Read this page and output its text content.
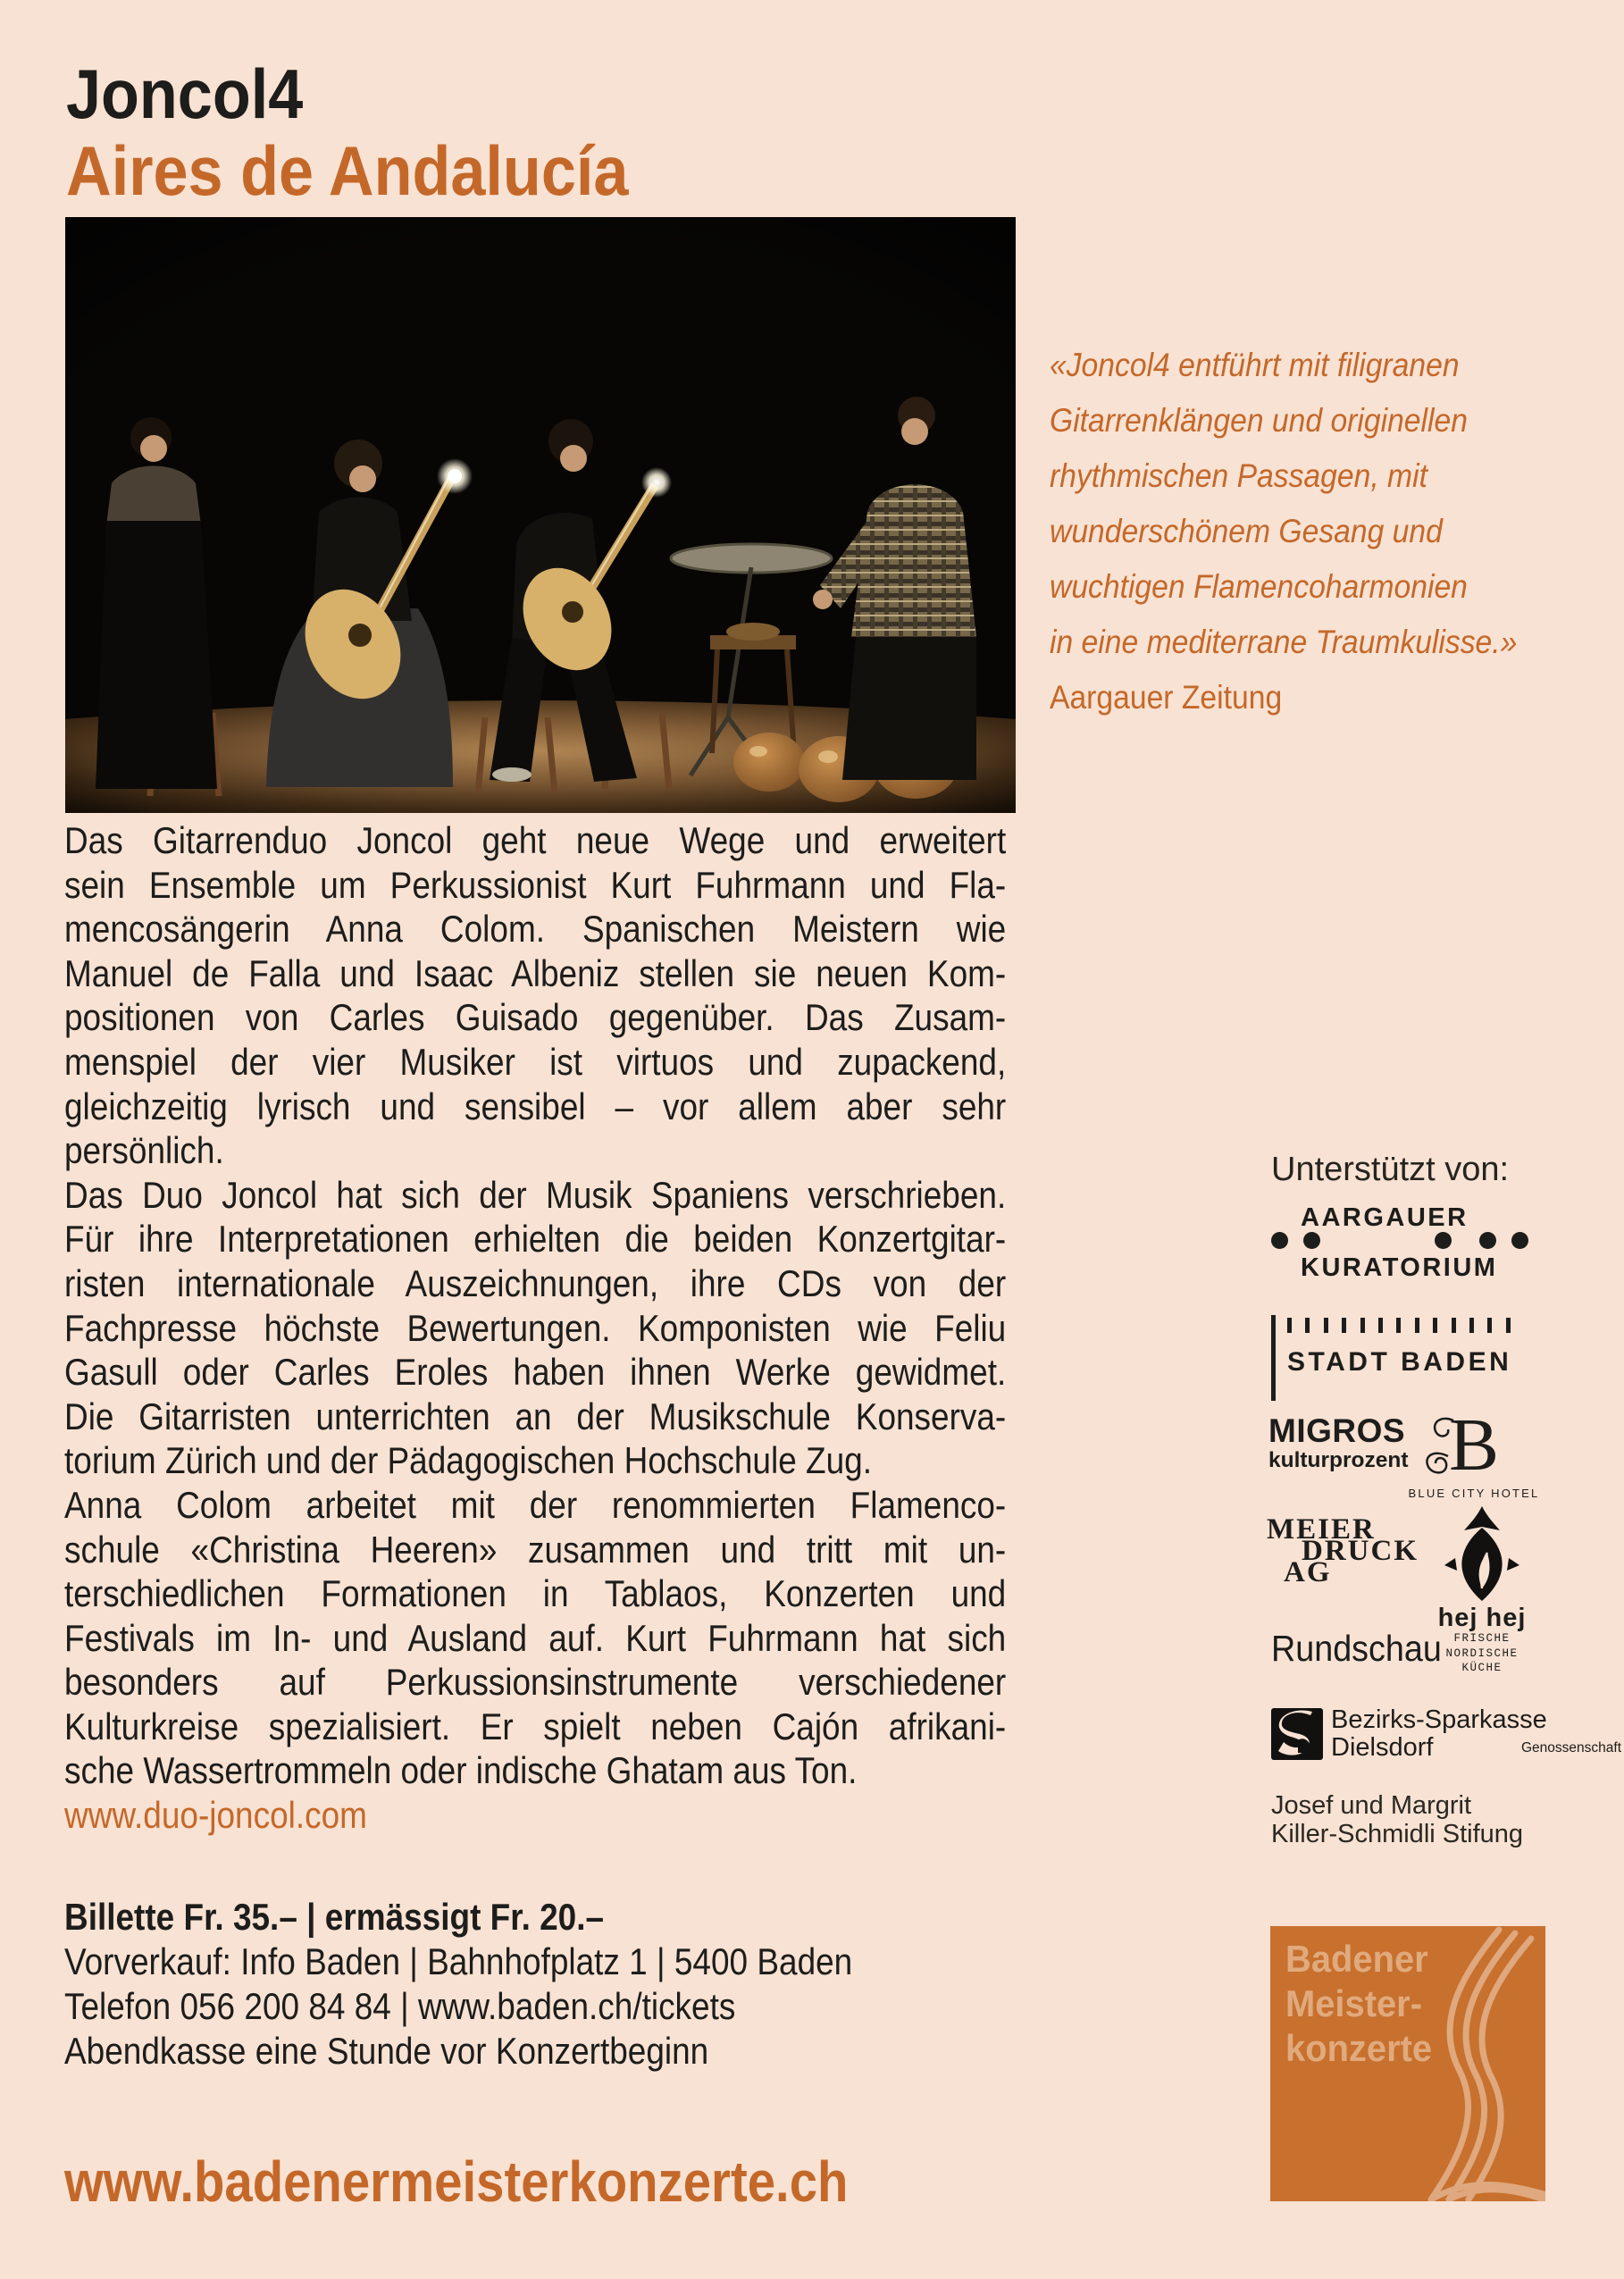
Joncol4
Aires de Andalucía
«Joncol4 entführt mit filigranen
Gitarrenklängen und originellen
rhythmischen Passagen, mit
wunderschönem Gesang und
wuchtigen Flamencoharmonien
in eine mediterrane Traumkulisse.»
Aargauer Zeitung
Das Gitarrenduo Joncol geht neue Wege und erweitert
sein Ensemble um Perkussionist Kurt Fuhrmann und Fla-
mencosängerin Anna Colom. Spanischen Meistern wie
Manuel de Falla und Isaac Albeniz stellen sie neuen Kom-
positionen von Carles Guisado gegenüber. Das Zusam-
menspiel der vier Musiker ist virtuos und zupackend,
gleichzeitig lyrisch und sensibel – vor allem aber sehr
persönlich.
Das Duo Joncol hat sich der Musik Spaniens verschrieben.
Für ihre Interpretationen erhielten die beiden Konzertgitar-
risten internationale Auszeichnungen, ihre CDs von der
Fachpresse höchste Bewertungen. Komponisten wie Feliu
Gasull oder Carles Eroles haben ihnen Werke gewidmet.
Die Gitarristen unterrichten an der Musikschule Konserva-
torium Zürich und der Pädagogischen Hochschule Zug.
Anna Colom arbeitet mit der renommierten Flamenco-
schule «Christina Heeren» zusammen und tritt mit un-
terschiedlichen Formationen in Tablaos, Konzerten und
Festivals im In- und Ausland auf. Kurt Fuhrmann hat sich
besonders auf Perkussionsinstrumente verschiedener
Kulturkreise spezialisiert. Er spielt neben Cajón afrikani-
sche Wassertrommeln oder indische Ghatam aus Ton.
www.duo-joncol.com
Billette Fr. 35.– | ermässigt Fr. 20.–
Vorverkauf: Info Baden | Bahnhofplatz 1 | 5400 Baden
Telefon 056 200 84 84 | www.baden.ch/tickets
Abendkasse eine Stunde vor Konzertbeginn
www.badenermeisterkonzerte.ch
Unterstützt von:
AARGAUER
KURATORIUM
STADT BADEN
MIGROS
kulturprozent B
BLUE CITY HOTEL
MEIER
DRUCK
AG
hej hej
FRISCHE
NORDISCHE
KÜCHE
Rundschau
Bezirks-Sparkasse
Dielsdorf	Genossenschaft
Josef und Margrit
Killer-Schmidli Stifung
Badener
Meister-
konzerte
